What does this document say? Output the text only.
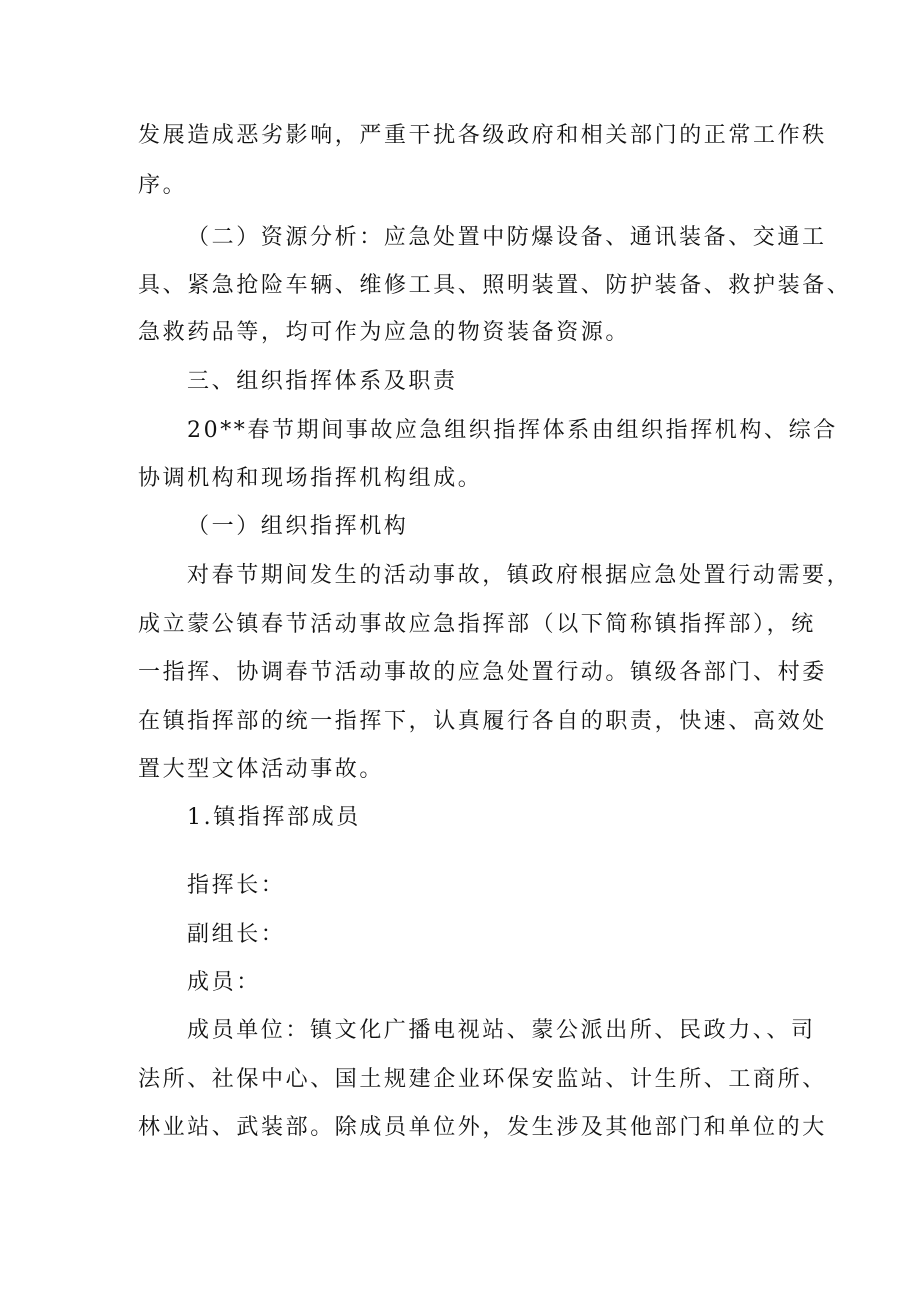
发展造成恶劣影响，严重干扰各级政府和相关部门的正常工作秩
序。
（二）资源分析：应急处置中防爆设备、通讯装备、交通工
具、紧急抢险车辆、维修工具、照明装置、防护装备、救护装备、
急救药品等，均可作为应急的物资装备资源。
三、组织指挥体系及职责
20**春节期间事故应急组织指挥体系由组织指挥机构、综合
协调机构和现场指挥机构组成。
（一）组织指挥机构
对春节期间发生的活动事故，镇政府根据应急处置行动需要，
成立蒙公镇春节活动事故应急指挥部（以下简称镇指挥部），统
一指挥、协调春节活动事故的应急处置行动。镇级各部门、村委
在镇指挥部的统一指挥下，认真履行各自的职责，快速、高效处
置大型文体活动事故。
1.镇指挥部成员
指挥长：
副组长：
成员：
成员单位：镇文化广播电视站、蒙公派出所、民政力、、司
法所、社保中心、国土规建企业环保安监站、计生所、工商所、
林业站、武装部。除成员单位外，发生涉及其他部门和单位的大
